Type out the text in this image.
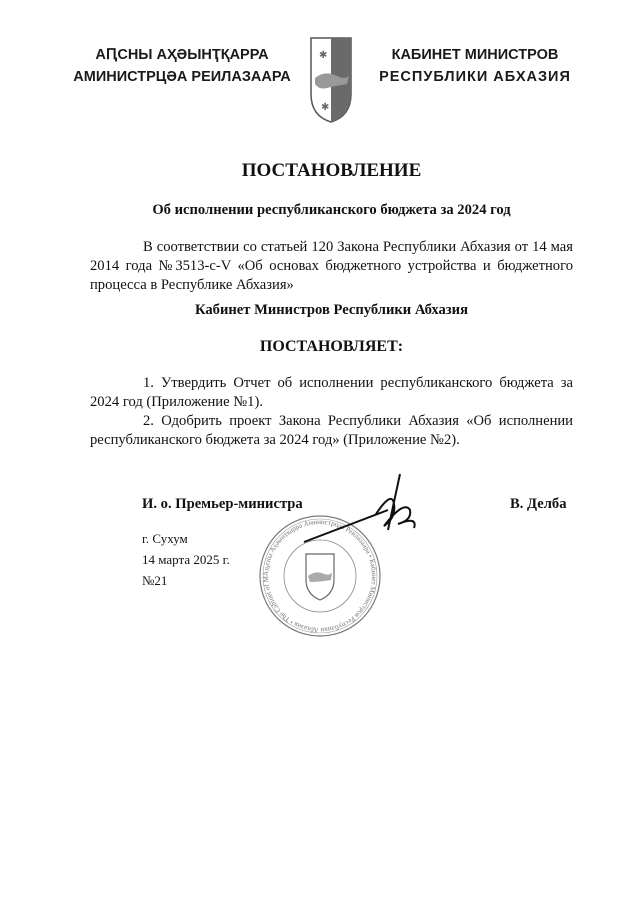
АԤСНЫ АҲӘЫНҬҚАРРА
АМИНИСТРЦӘА РЕИЛАЗААРА
✱
✱
КАБИНЕТ МИНИСТРОВ
РЕСПУБЛИКИ АБХАЗИЯ
ПОСТАНОВЛЕНИЕ
Об исполнении республиканского бюджета за 2024 год
В соответствии со статьей 120 Закона Республики Абхазия от 14 мая 2014 года №3513-с-V «Об основах бюджетного устройства и бюджетного процесса в Республике Абхазия»
Кабинет Министров Республики Абхазия
ПОСТАНОВЛЯЕТ:

1. Утвердить Отчет об исполнении республиканского бюджета за 2024 год (Приложение №1).

2. Одобрить проект Закона Республики Абхазия «Об исполнении республиканского бюджета за 2024 год» (Приложение №2).

И. о. Премьер-министра	В. Делба
г. Сухум
14 марта 2025 г.
№21	Аҧсны Аҳәынҭқарра Аминистрцәа Реилазаара • Кабинет Министров Республики Абхазия • The Cabinet of M
